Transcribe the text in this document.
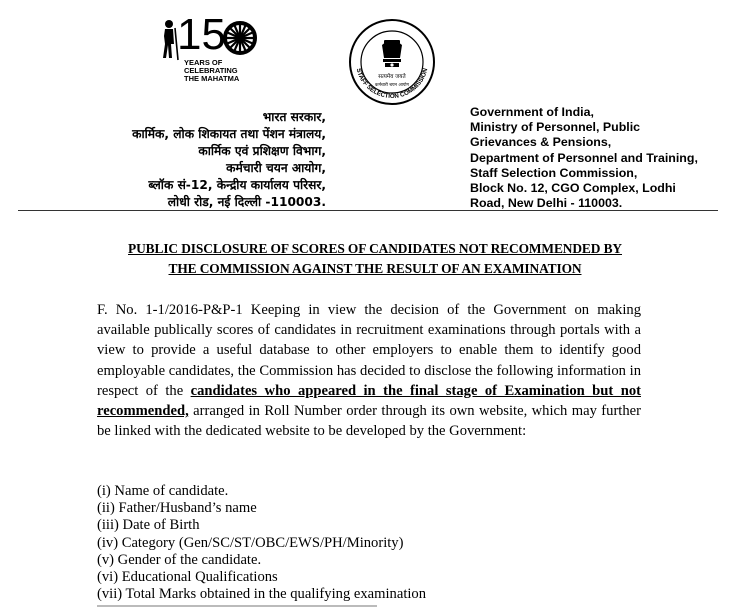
15
YEARS OF
CELEBRATING
THE MAHATMA
STAFF SELECTION COMMISSION
सत्यमेव जयते
कर्मचारी चयन आयोग
भारत सरकार,
कार्मिक, लोक शिकायत तथा पेंशन मंत्रालय,
कार्मिक एवं प्रशिक्षण विभाग,
कर्मचारी चयन आयोग,
ब्लॉक सं-12, केन्द्रीय कार्यालय परिसर,
लोधी रोड, नई दिल्ली -110003.
Government of India,
Ministry of Personnel, Public
Grievances & Pensions,
Department of Personnel and Training,
Staff Selection Commission,
Block No. 12, CGO Complex, Lodhi
Road, New Delhi - 110003.
PUBLIC DISCLOSURE OF SCORES OF CANDIDATES NOT RECOMMENDED BY
THE COMMISSION AGAINST THE RESULT OF AN EXAMINATION
F. No. 1-1/2016-P&P-1 Keeping in view the decision of the Government on making available publically scores of candidates in recruitment examinations through portals with a view to provide a useful database to other employers to enable them to identify good employable candidates, the Commission has decided to disclose the following information in respect of the candidates who appeared in the final stage of Examination but not recommended, arranged in Roll Number order through its own website, which may further be linked with the dedicated website to be developed by the Government:
(i) Name of candidate.
(ii) Father/Husband’s name
(iii) Date of Birth
(iv) Category (Gen/SC/ST/OBC/EWS/PH/Minority)
(v) Gender of the candidate.
(vi) Educational Qualifications
(vii) Total Marks obtained in the qualifying examination
